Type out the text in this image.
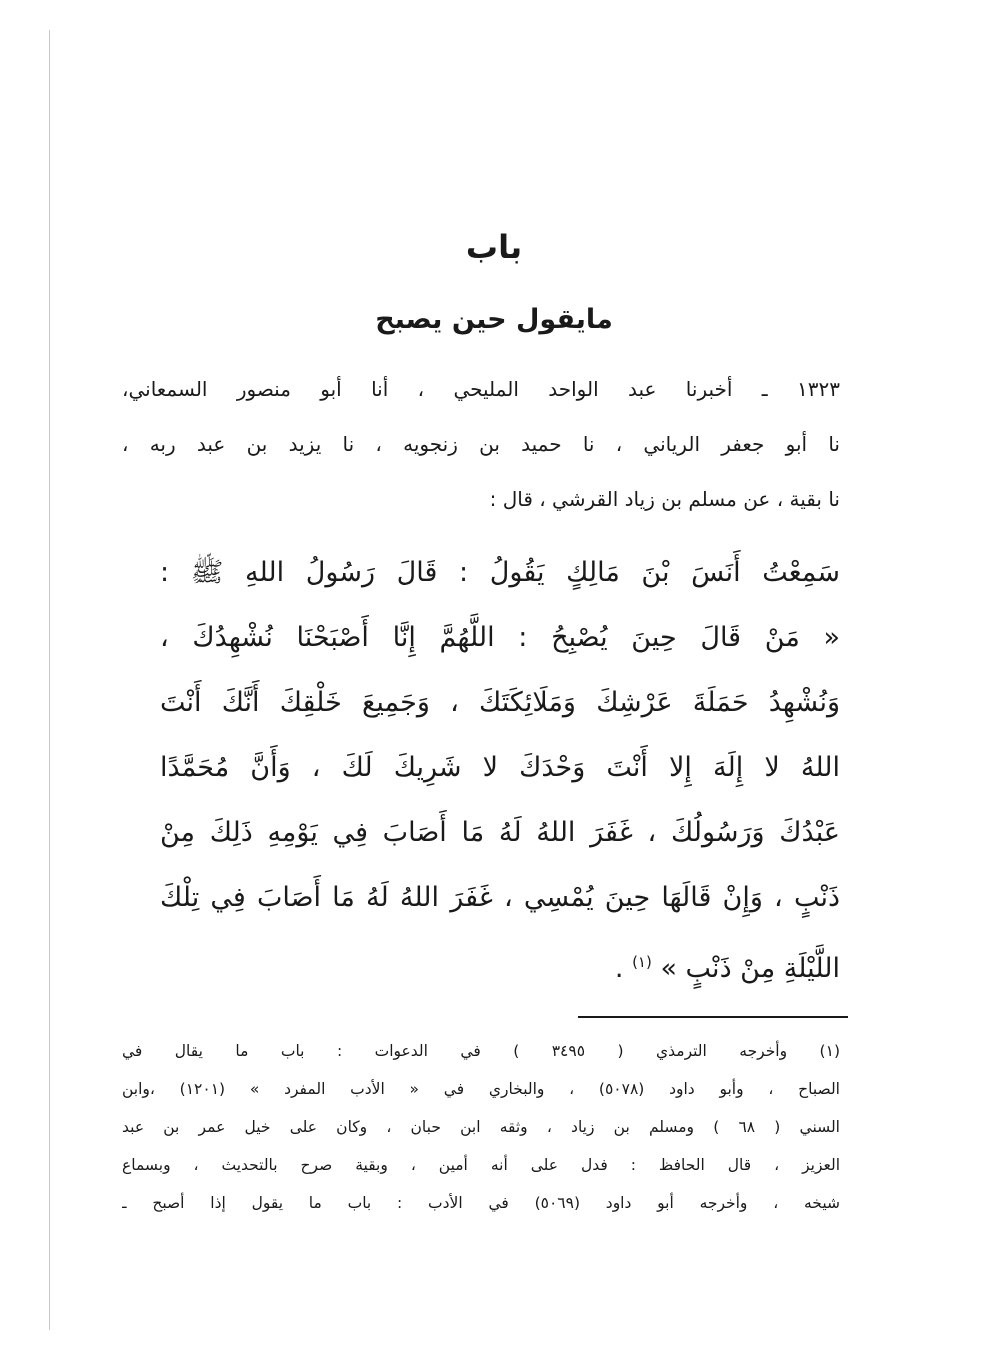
باب
مايقول حين يصبح
١٣٢٣ ـ أخبرنا عبد الواحد المليحي ، أنا أبو منصور السمعاني،
نا أبو جعفر الرياني ، نا حميد بن زنجويه ، نا يزيد بن عبد ربه ،
نا بقية ، عن مسلم بن زياد القرشي ، قال :
سَمِعْتُ أَنَسَ بْنَ مَالِكٍ يَقُولُ : قَالَ رَسُولُ اللهِ ﷺ :
« مَنْ قَالَ حِينَ يُصْبِحُ : اللَّهُمَّ إِنَّا أَصْبَحْنَا نُشْهِدُكَ ،
وَنُشْهِدُ حَمَلَةَ عَرْشِكَ وَمَلَائِكَتَكَ ، وَجَمِيعَ خَلْقِكَ أَنَّكَ أَنْتَ
اللهُ لا إِلَهَ إِلا أَنْتَ وَحْدَكَ لا شَرِيكَ لَكَ ، وَأَنَّ مُحَمَّدًا
عَبْدُكَ وَرَسُولُكَ ، غَفَرَ اللهُ لَهُ مَا أَصَابَ فِي يَوْمِهِ ذَلِكَ مِنْ
ذَنْبٍ ، وَإِنْ قَالَهَا حِينَ يُمْسِي ، غَفَرَ اللهُ لَهُ مَا أَصَابَ فِي تِلْكَ
اللَّيْلَةِ مِنْ ذَنْبٍ » $^{(١)}$ .
(١) وأخرجه الترمذي ( ٣٤٩٥ ) في الدعوات : باب ما يقال في
الصباح ، وأبو داود (٥٠٧٨) ، والبخاري في « الأدب المفرد » (١٢٠١) ،وابن
السني ( ٦٨ ) ومسلم بن زياد ، وثقه ابن حبان ، وكان على خيل عمر بن عبد
العزيز ، قال الحافظ : فدل على أنه أمين ، وبقية صرح بالتحديث ، وبسماع
شيخه ، وأخرجه أبو داود (٥٠٦٩) في الأدب : باب ما يقول إذا أصبح ـ
